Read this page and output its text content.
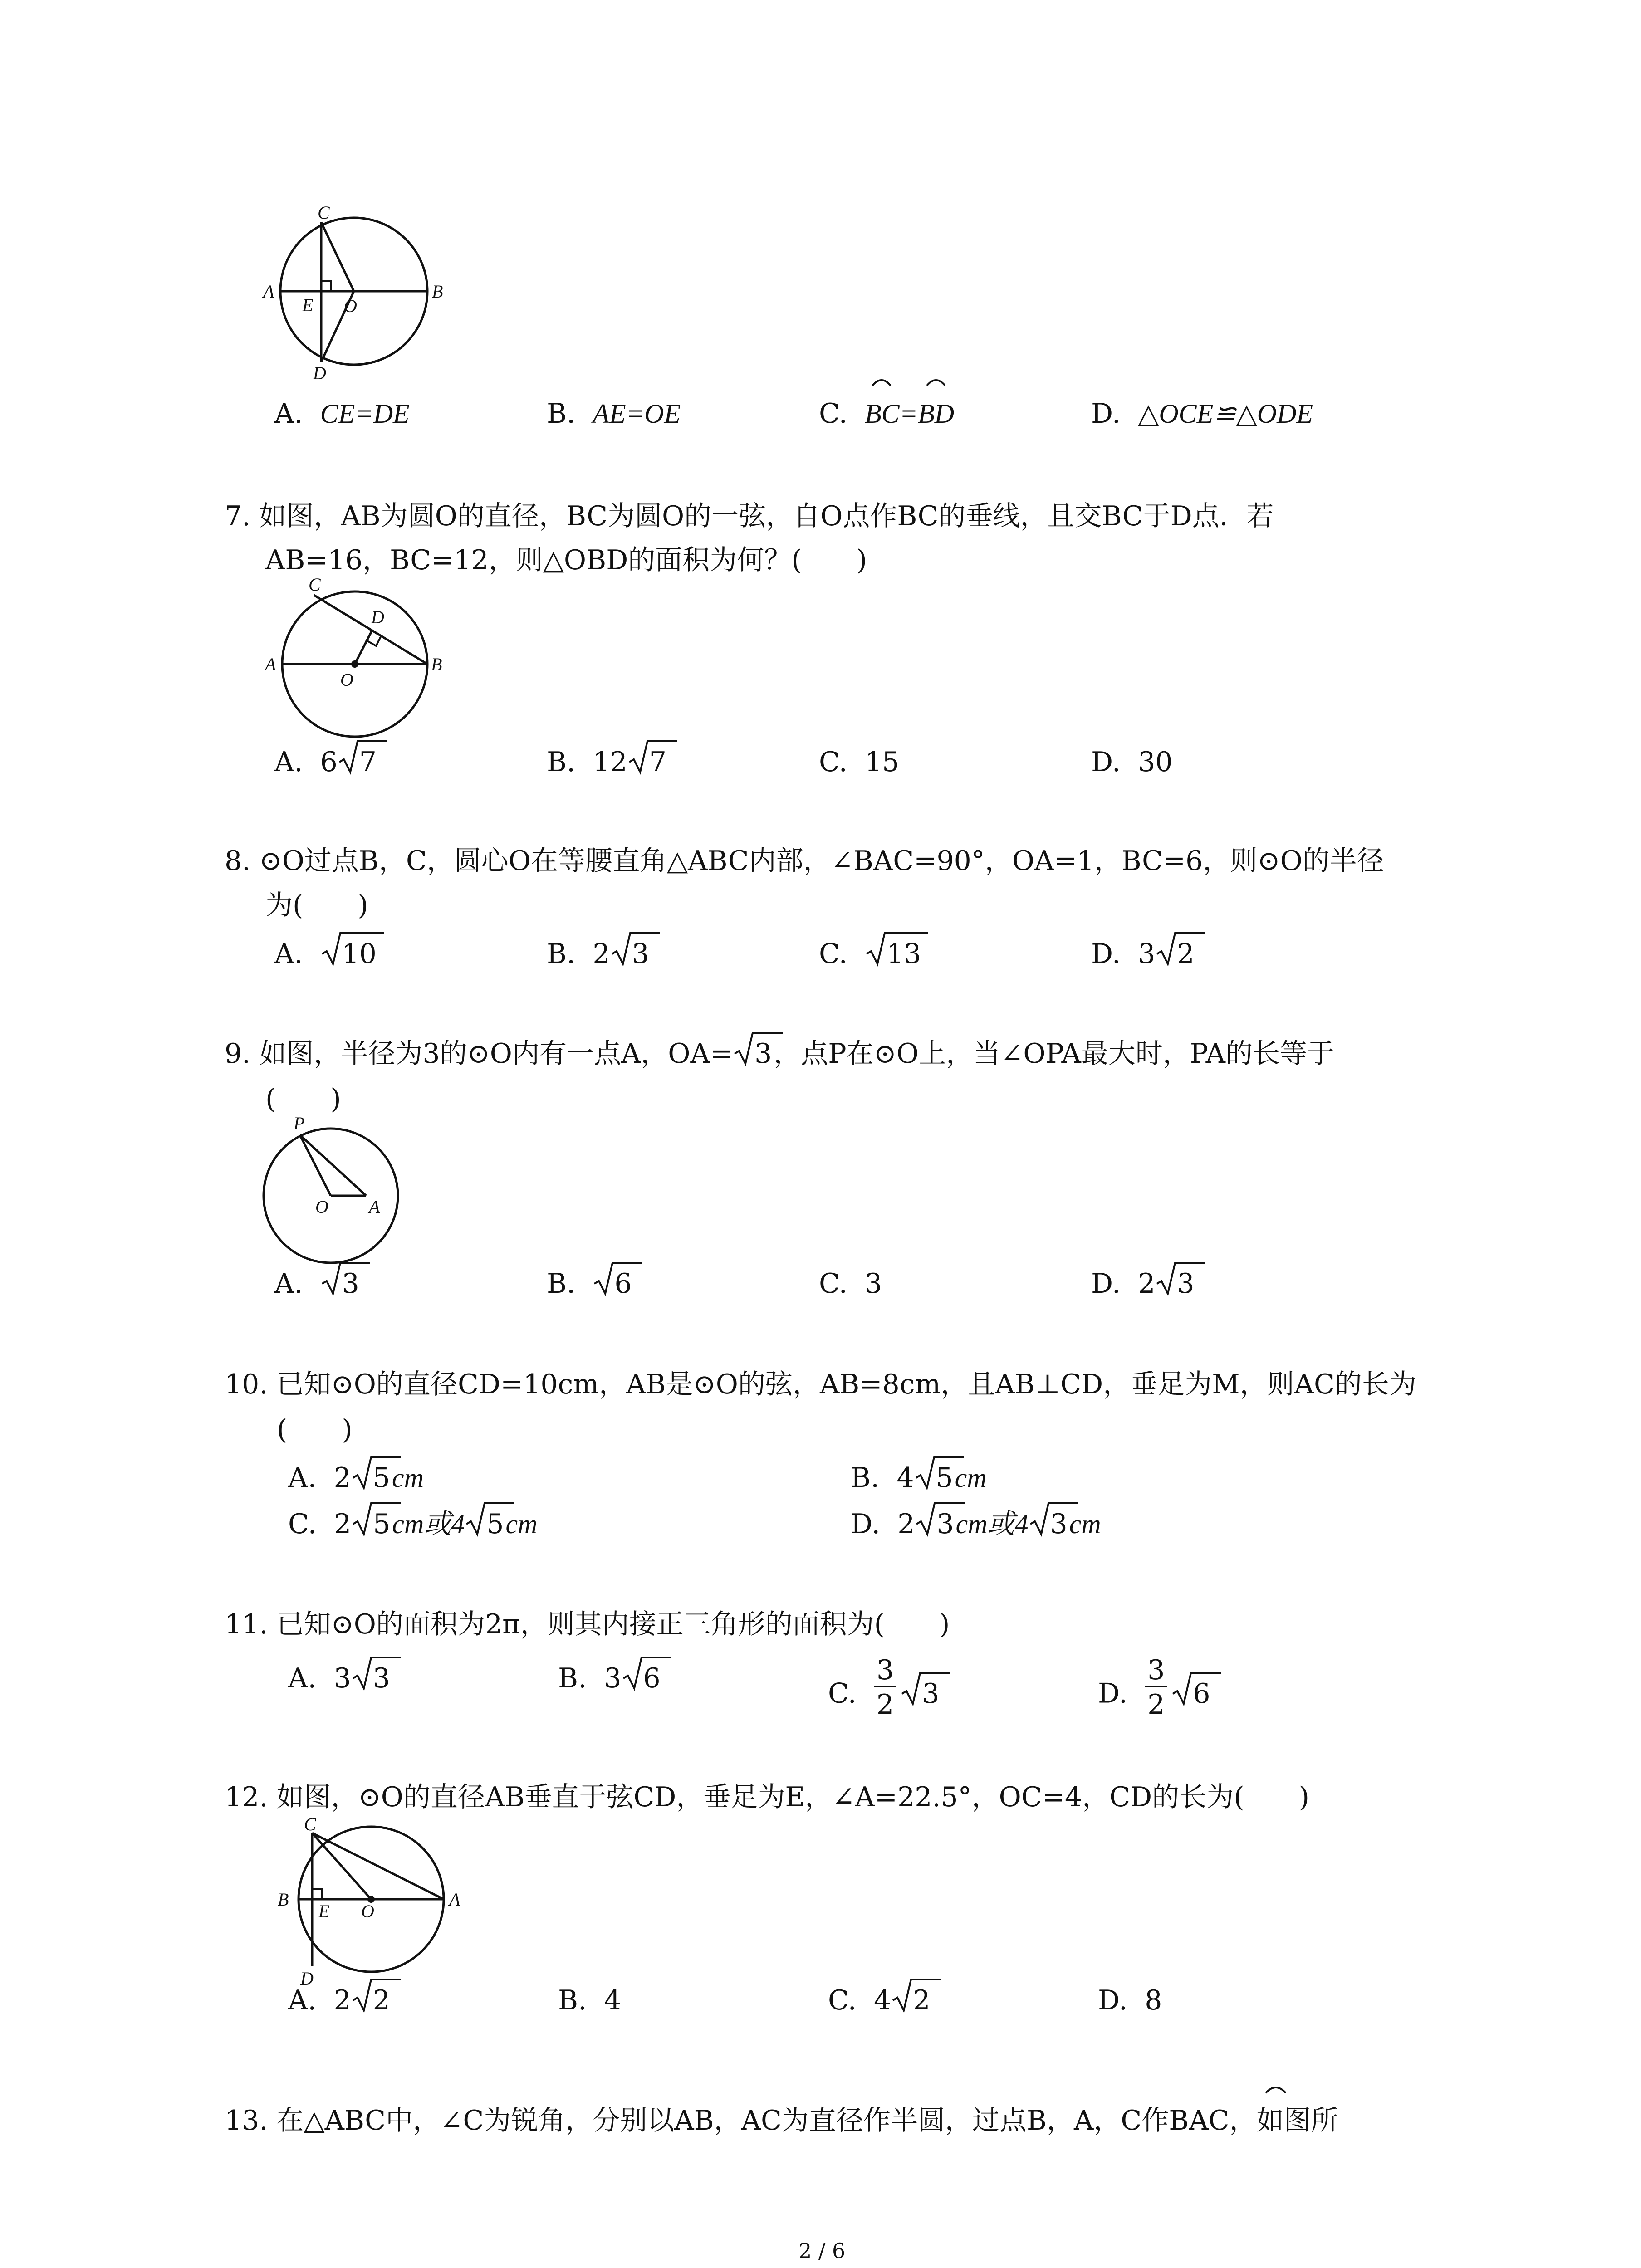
C
A
E O
B
D
A. CE=DE	B. AE=OE	C. BC=BD	D. △OCE≌△ODE
7. 如图，AB为圆O的直径，BC为圆O的一弦，自O点作BC的垂线，且交BC于D点．若
AB=16，BC=12，则△OBD的面积为何？(　　)
C
D
A
O
B
A. 6 7	B. 12 7	C. 15	D. 30
8. ⊙O过点B，C，圆心O在等腰直角△ABC内部，∠BAC=90°，OA=1，BC=6，则⊙O的半径
为(　　)
A. 10	B. 2 3	C. 13	D. 3 2
9. 如图，半径为3的⊙O内有一点A，OA= 3，点P在⊙O上，当∠OPA最大时，PA的长等于
(　　)
P
O A
A. 3	B. 6	C. 3	D. 2 3
10. 已知⊙O的直径CD=10cm，AB是⊙O的弦，AB=8cm，且AB⊥CD，垂足为M，则AC的长为
(　　)
A. 2 5cm	B. 4 5cm
C. 2 5cm或4 5cm	D. 2 3cm或4 3cm
11. 已知⊙O的面积为2π，则其内接正三角形的面积为(　　)
A. 3 3	B. 3 6	C. $\frac{3}{2} 3$	D. $\frac{3}{2} 6$
12. 如图，⊙O的直径AB垂直于弦CD，垂足为E，∠A=22.5°，OC=4，CD的长为(　　)
C
B
E O
A
D
A. 2 2	B. 4	C. 4 2	D. 8
13. 在△ABC中，∠C为锐角，分别以AB，AC为直径作半圆，过点B，A，C作BAC，如图所
2 / 6
